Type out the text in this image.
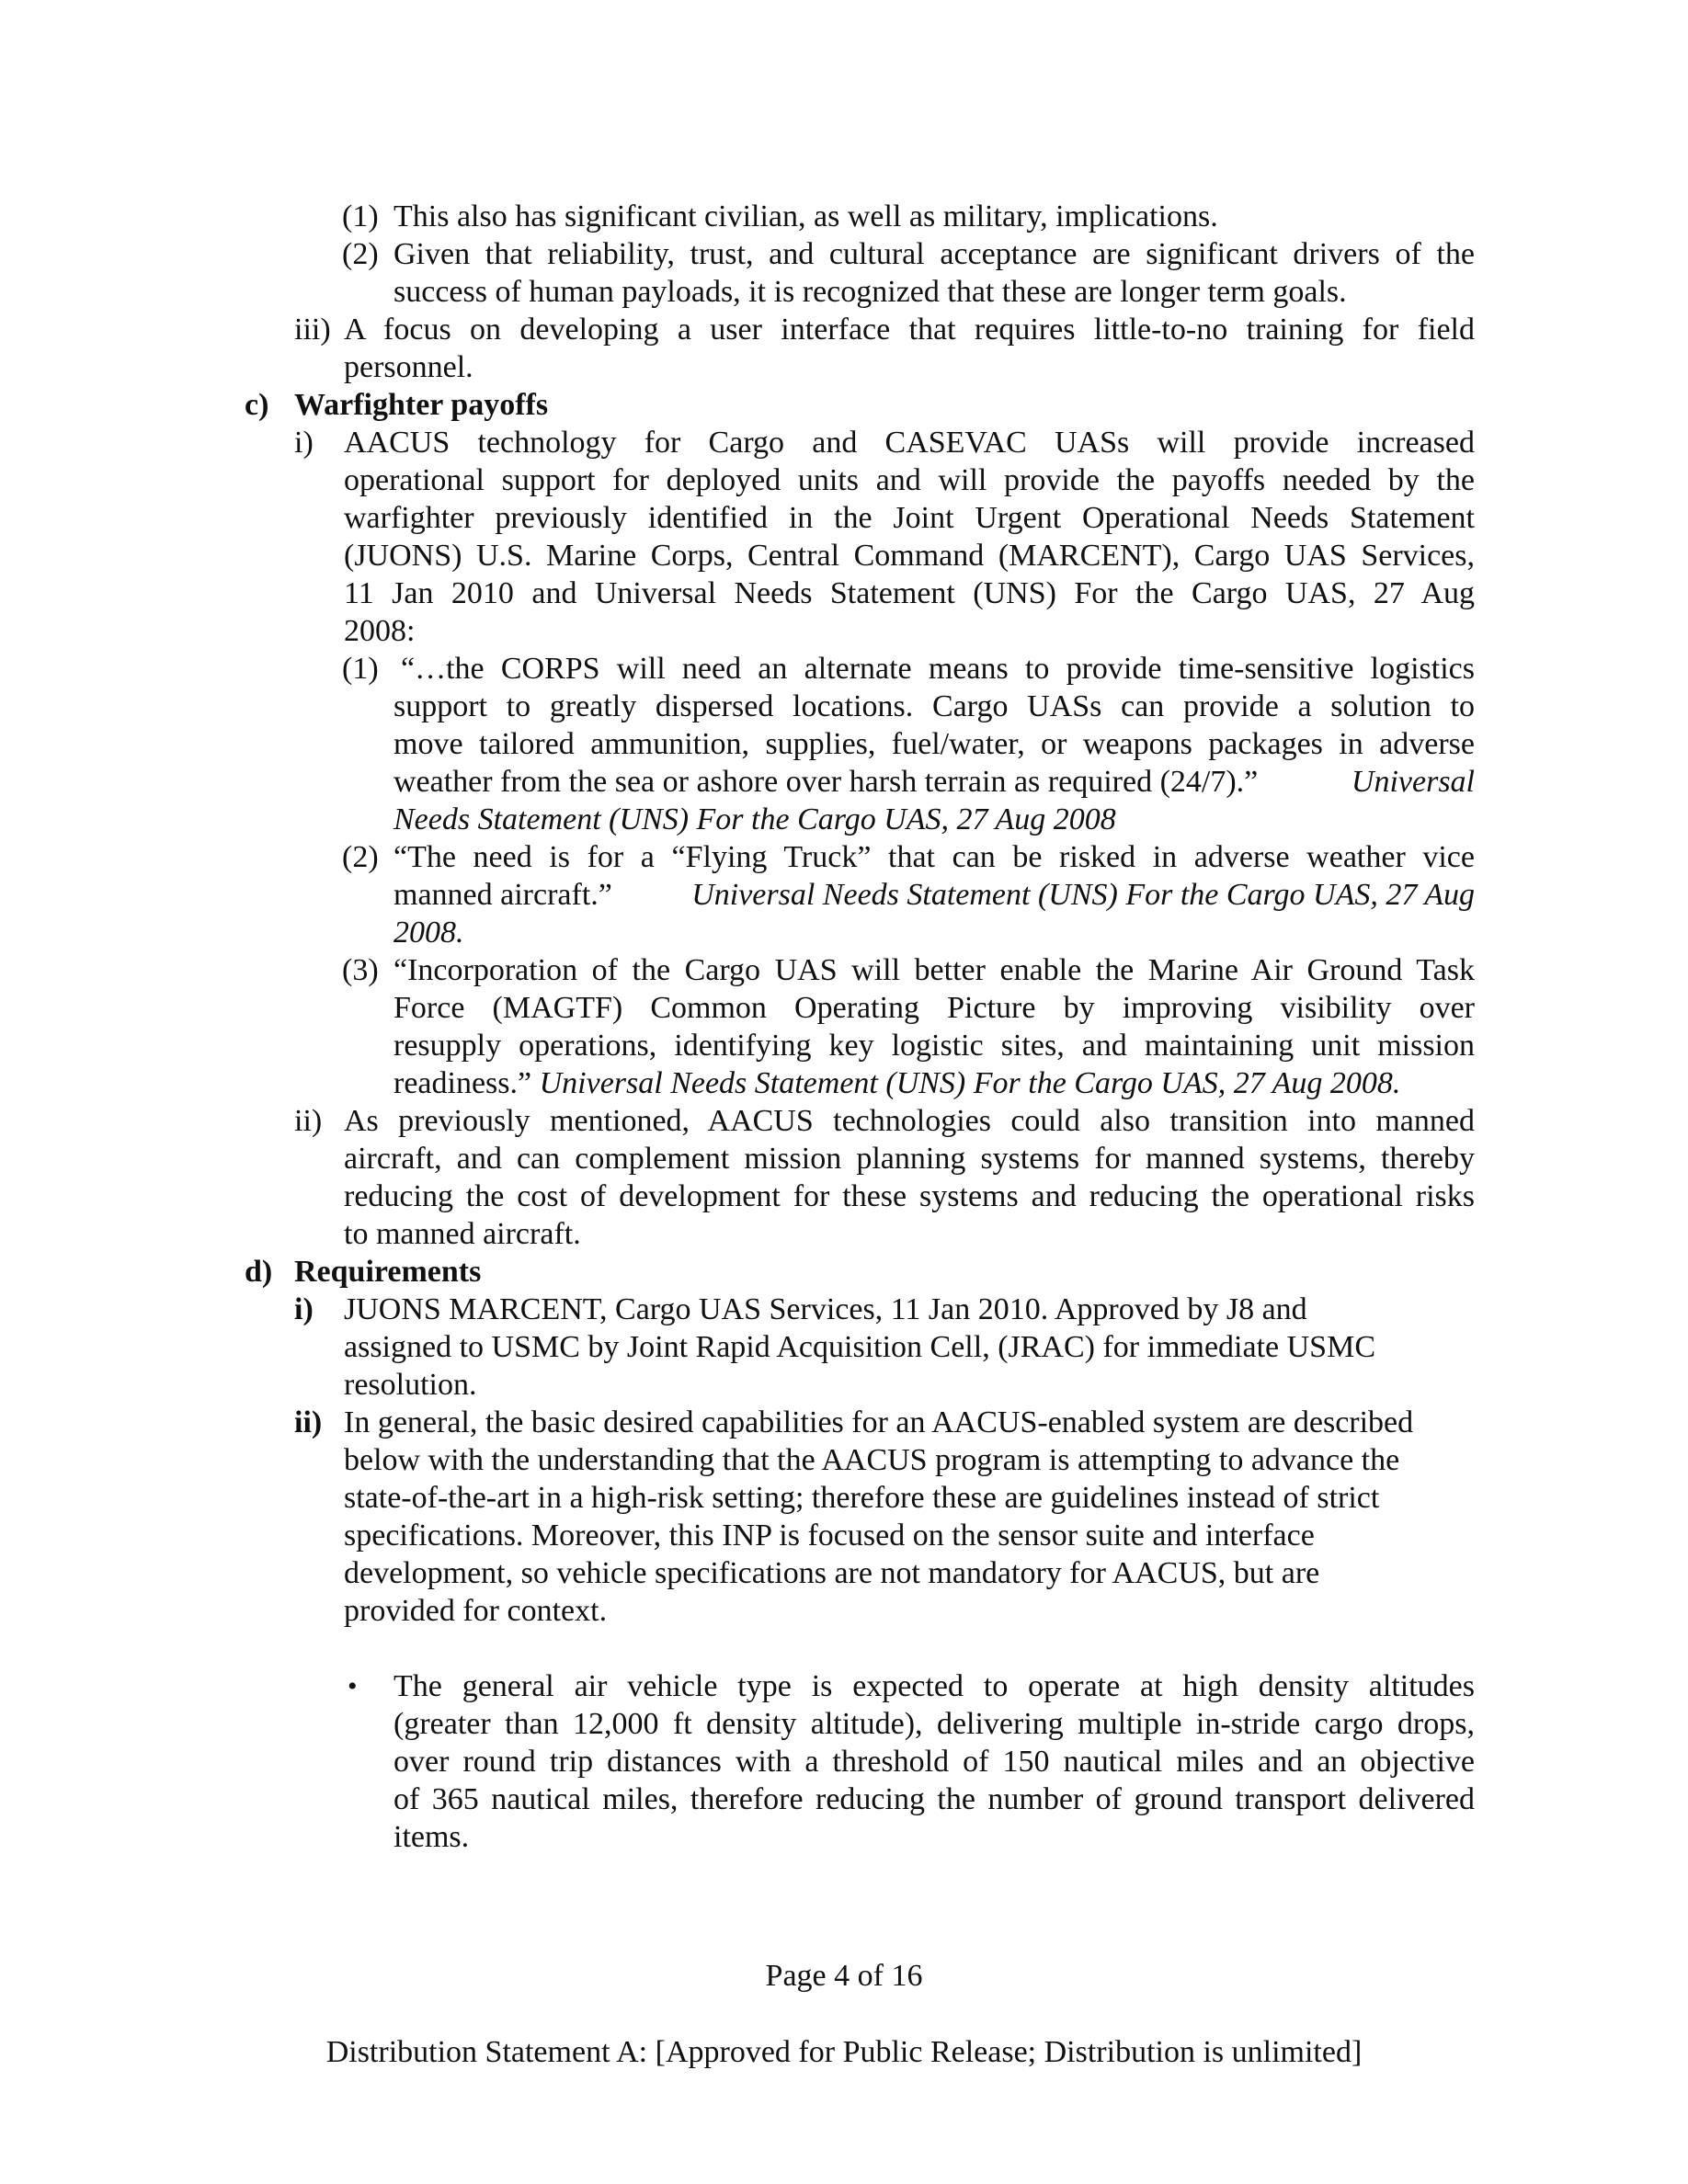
(1) This also has significant civilian, as well as military, implications.
(2) Given that reliability, trust, and cultural acceptance are significant drivers of the
success of human payloads, it is recognized that these are longer term goals.
iii) A focus on developing a user interface that requires little-to-no training for field
personnel.
c) Warfighter payoffs
i) AACUS technology for Cargo and CASEVAC UASs will provide increased
operational support for deployed units and will provide the payoffs needed by the
warfighter previously identified in the Joint Urgent Operational Needs Statement
(JUONS) U.S. Marine Corps, Central Command (MARCENT), Cargo UAS Services,
11 Jan 2010 and Universal Needs Statement (UNS) For the Cargo UAS, 27 Aug
2008:
(1) “…the CORPS will need an alternate means to provide time-sensitive logistics
support to greatly dispersed locations. Cargo UASs can provide a solution to
move tailored ammunition, supplies, fuel/water, or weapons packages in adverse
weather from the sea or ashore over harsh terrain as required (24/7).”	Universal
Needs Statement (UNS) For the Cargo UAS, 27 Aug 2008
(2) “The need is for a “Flying Truck” that can be risked in adverse weather vice
manned aircraft.”	Universal Needs Statement (UNS) For the Cargo UAS, 27 Aug
2008.
(3) “Incorporation of the Cargo UAS will better enable the Marine Air Ground Task
Force (MAGTF) Common Operating Picture by improving visibility over
resupply operations, identifying key logistic sites, and maintaining unit mission
readiness.” Universal Needs Statement (UNS) For the Cargo UAS, 27 Aug 2008.
ii) As previously mentioned, AACUS technologies could also transition into manned
aircraft, and can complement mission planning systems for manned systems, thereby
reducing the cost of development for these systems and reducing the operational risks
to manned aircraft.
d) Requirements
i) JUONS MARCENT, Cargo UAS Services, 11 Jan 2010. Approved by J8 and
assigned to USMC by Joint Rapid Acquisition Cell, (JRAC) for immediate USMC
resolution.
ii) In general, the basic desired capabilities for an AACUS-enabled system are described
below with the understanding that the AACUS program is attempting to advance the
state-of-the-art in a high-risk setting; therefore these are guidelines instead of strict
specifications. Moreover, this INP is focused on the sensor suite and interface
development, so vehicle specifications are not mandatory for AACUS, but are
provided for context.
• The general air vehicle type is expected to operate at high density altitudes
(greater than 12,000 ft density altitude), delivering multiple in-stride cargo drops,
over round trip distances with a threshold of 150 nautical miles and an objective
of 365 nautical miles, therefore reducing the number of ground transport delivered
items.
Page 4 of 16
Distribution Statement A: [Approved for Public Release; Distribution is unlimited]
